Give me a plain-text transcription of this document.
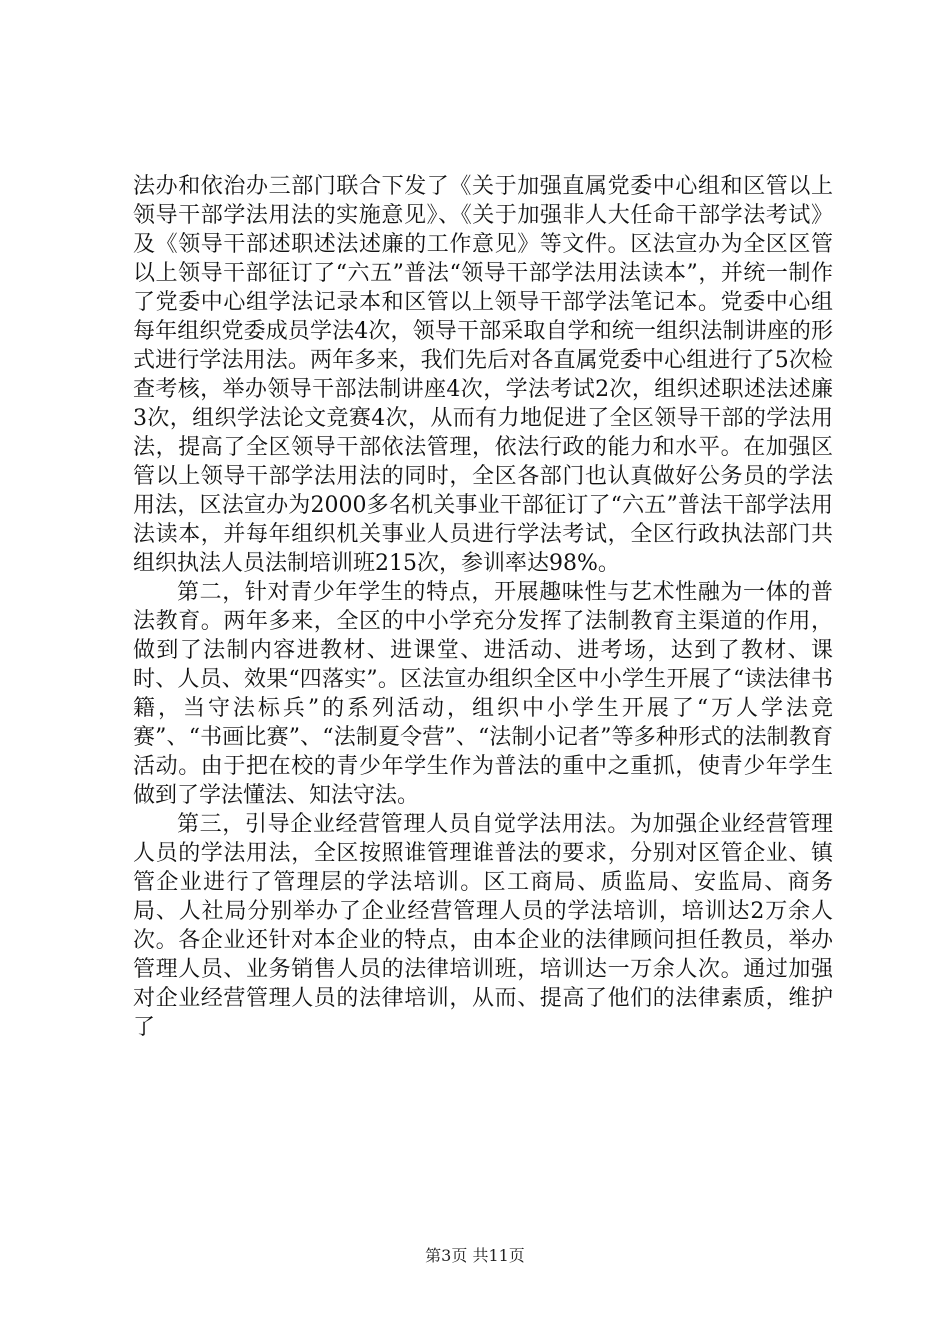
法办和依治办三部门联合下发了《关于加强直属党委中心组和区管以上领导干部学法用法的实施意见》、《关于加强非人大任命干部学法考试》及《领导干部述职述法述廉的工作意见》等文件。区法宣办为全区区管以上领导干部征订了“六五”普法“领导干部学法用法读本”，并统一制作了党委中心组学法记录本和区管以上领导干部学法笔记本。党委中心组每年组织党委成员学法4次，领导干部采取自学和统一组织法制讲座的形式进行学法用法。两年多来，我们先后对各直属党委中心组进行了5次检查考核，举办领导干部法制讲座4次，学法考试2次，组织述职述法述廉3次，组织学法论文竞赛4次，从而有力地促进了全区领导干部的学法用法，提高了全区领导干部依法管理，依法行政的能力和水平。在加强区管以上领导干部学法用法的同时，全区各部门也认真做好公务员的学法用法，区法宣办为2000多名机关事业干部征订了“六五”普法干部学法用法读本，并每年组织机关事业人员进行学法考试，全区行政执法部门共组织执法人员法制培训班215次，参训率达98%。

第二，针对青少年学生的特点，开展趣味性与艺术性融为一体的普法教育。两年多来，全区的中小学充分发挥了法制教育主渠道的作用，做到了法制内容进教材、进课堂、进活动、进考场，达到了教材、课时、人员、效果“四落实”。区法宣办组织全区中小学生开展了“读法律书籍，当守法标兵”的系列活动，组织中小学生开展了“万人学法竞赛”、“书画比赛”、“法制夏令营”、“法制小记者”等多种形式的法制教育活动。由于把在校的青少年学生作为普法的重中之重抓，使青少年学生做到了学法懂法、知法守法。

第三，引导企业经营管理人员自觉学法用法。为加强企业经营管理人员的学法用法，全区按照谁管理谁普法的要求，分别对区管企业、镇管企业进行了管理层的学法培训。区工商局、质监局、安监局、商务局、人社局分别举办了企业经营管理人员的学法培训，培训达2万余人次。各企业还针对本企业的特点，由本企业的法律顾问担任教员，举办管理人员、业务销售人员的法律培训班，培训达一万余人次。通过加强对企业经营管理人员的法律培训，从而、提高了他们的法律素质，维护了

第3页 共11页
